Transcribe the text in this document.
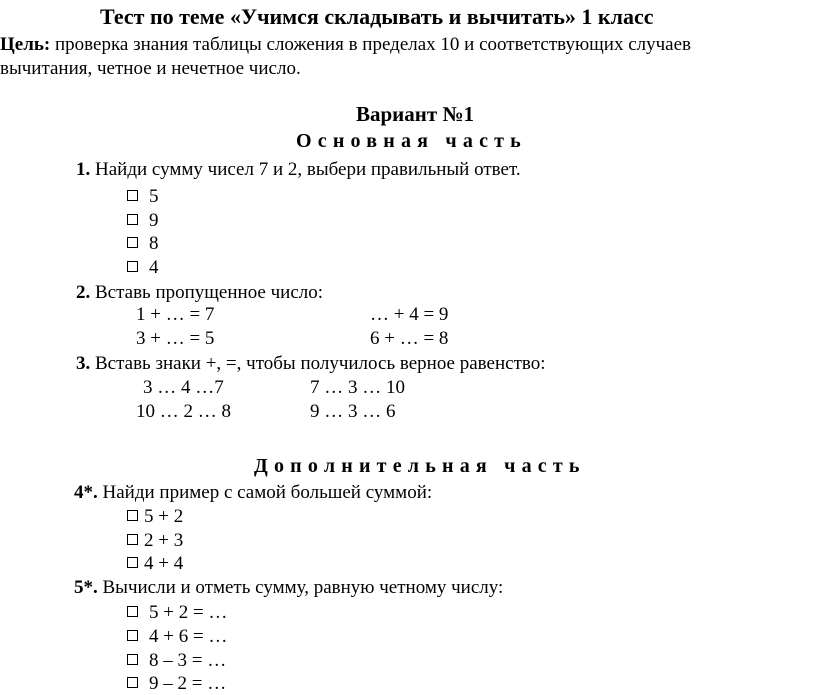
Тест по теме «Учимся складывать и вычитать» 1 класс
Цель: проверка знания таблицы сложения в пределах 10 и соответствующих случаев
вычитания, четное и нечетное число.
Вариант №1
Основная часть
1. Найди сумму чисел 7 и 2, выбери правильный ответ.
5
9
8
4
2. Вставь пропущенное число:
1 + … = 7	… + 4 = 9
3 + … = 5	6 + … = 8
3. Вставь знаки +, =, чтобы получилось верное равенство:
3 … 4 …7	7 … 3 … 10
10 … 2 … 8	9 … 3 … 6
Дополнительная часть
4*. Найди пример с самой большей суммой:
5 + 2
2 + 3
4 + 4
5*. Вычисли и отметь сумму, равную четному числу:
5 + 2 = …
4 + 6 = …
8 – 3 = …
9 – 2 = …
